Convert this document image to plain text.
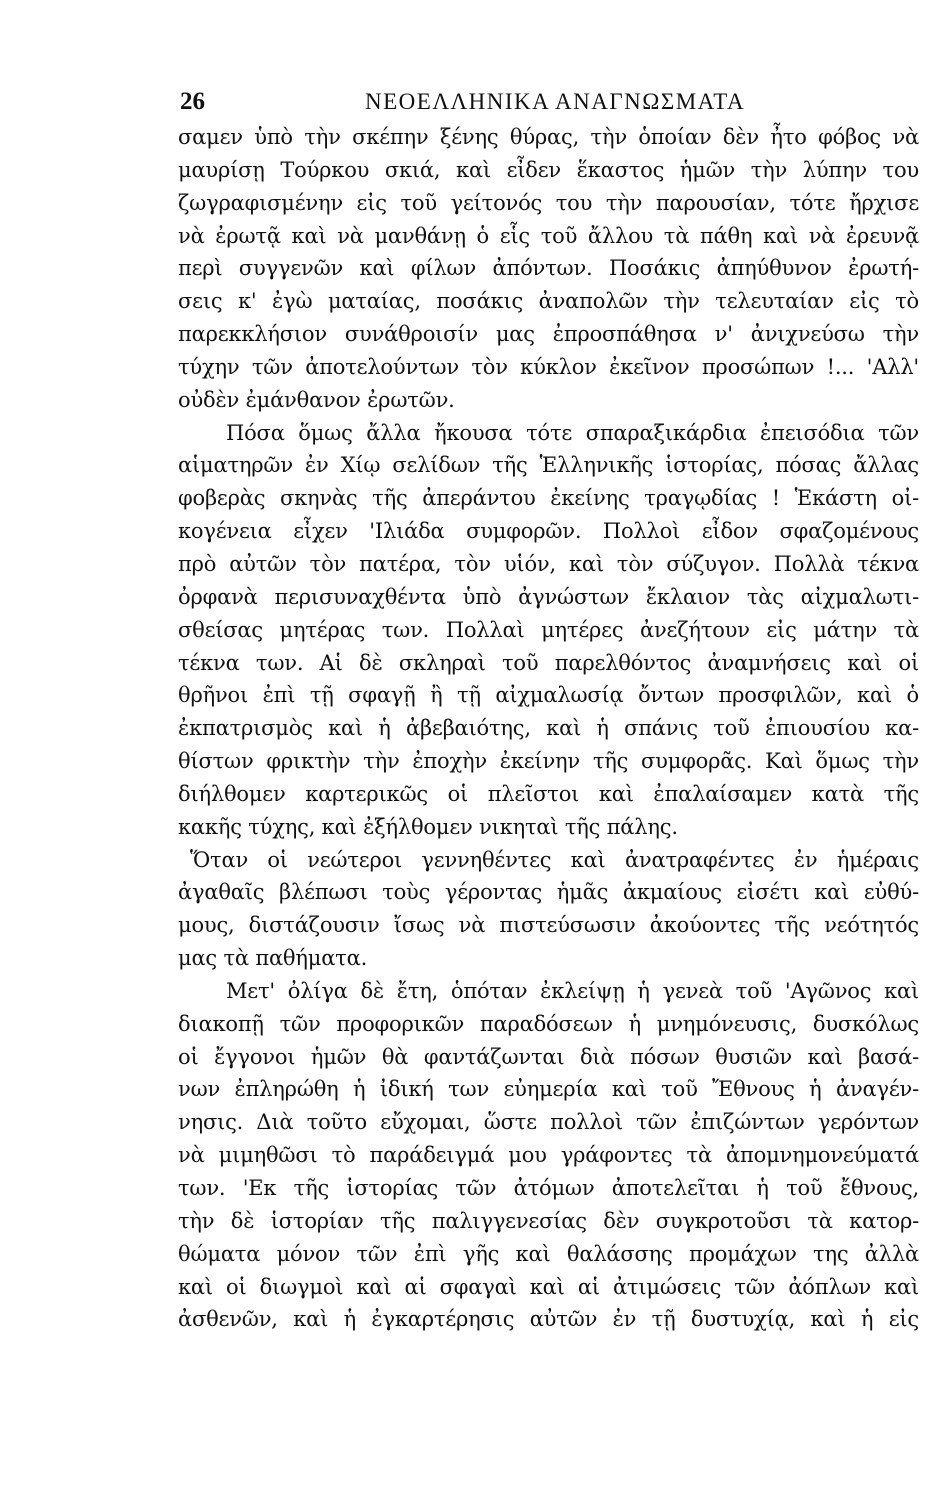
26	ΝΕΟΕΛΛΗΝΙΚΑ ΑΝΑΓΝΩΣΜΑΤΑ
σαμεν ὑπὸ τὴν σκέπην ξένης θύρας, τὴν ὁποίαν δὲν ἦτο φόβος νὰ
μαυρίσῃ Τούρκου σκιά, καὶ εἶδεν ἕκαστος ἡμῶν τὴν λύπην του
ζωγραφισμένην εἰς τοῦ γείτονός του τὴν παρουσίαν, τότε ἤρχισε
νὰ ἐρωτᾷ καὶ νὰ μανθάνῃ ὁ εἷς τοῦ ἄλλου τὰ πάθη καὶ νὰ ἐρευνᾷ
περὶ συγγενῶν καὶ φίλων ἀπόντων. Ποσάκις ἀπηύθυνον ἐρωτή-
σεις κ' ἐγὼ ματαίας, ποσάκις ἀναπολῶν τὴν τελευταίαν εἰς τὸ
παρεκκλήσιον συνάθροισίν μας ἐπροσπάθησα ν' ἀνιχνεύσω τὴν
τύχην τῶν ἀποτελούντων τὸν κύκλον ἐκεῖνον προσώπων !... 'Αλλ'
οὐδὲν ἐμάνθανον ἐρωτῶν.
Πόσα ὅμως ἄλλα ἤκουσα τότε σπαραξικάρδια ἐπεισόδια τῶν
αἱματηρῶν ἐν Χίῳ σελίδων τῆς Ἑλληνικῆς ἱστορίας, πόσας ἄλλας
φοβερὰς σκηνὰς τῆς ἀπεράντου ἐκείνης τραγῳδίας ! Ἑκάστη οἰ-
κογένεια εἶχεν 'Ιλιάδα συμφορῶν. Πολλοὶ εἶδον σφαζομένους
πρὸ αὐτῶν τὸν πατέρα, τὸν υἱόν, καὶ τὸν σύζυγον. Πολλὰ τέκνα
ὀρφανὰ περισυναχθέντα ὑπὸ ἀγνώστων ἔκλαιον τὰς αἰχμαλωτι-
σθείσας μητέρας των. Πολλαὶ μητέρες ἀνεζήτουν εἰς μάτην τὰ
τέκνα των. Αἱ δὲ σκληραὶ τοῦ παρελθόντος ἀναμνήσεις καὶ οἱ
θρῆνοι ἐπὶ τῇ σφαγῇ ἢ τῇ αἰχμαλωσίᾳ ὄντων προσφιλῶν, καὶ ὁ
ἐκπατρισμὸς καὶ ἡ ἀβεβαιότης, καὶ ἡ σπάνις τοῦ ἐπιουσίου κα-
θίστων φρικτὴν τὴν ἐποχὴν ἐκείνην τῆς συμφορᾶς. Καὶ ὅμως τὴν
διήλθομεν καρτερικῶς οἱ πλεῖστοι καὶ ἐπαλαίσαμεν κατὰ τῆς
κακῆς τύχης, καὶ ἐξήλθομεν νικηταὶ τῆς πάλης.
Ὅταν οἱ νεώτεροι γεννηθέντες καὶ ἀνατραφέντες ἐν ἡμέραις
ἀγαθαῖς βλέπωσι τοὺς γέροντας ἡμᾶς ἀκμαίους εἰσέτι καὶ εὐθύ-
μους, διστάζουσιν ἴσως νὰ πιστεύσωσιν ἀκούοντες τῆς νεότητός
μας τὰ παθήματα.
Μετ' ὀλίγα δὲ ἔτη, ὁπόταν ἐκλείψῃ ἡ γενεὰ τοῦ 'Αγῶνος καὶ
διακοπῇ τῶν προφορικῶν παραδόσεων ἡ μνημόνευσις, δυσκόλως
οἱ ἔγγονοι ἡμῶν θὰ φαντάζωνται διὰ πόσων θυσιῶν καὶ βασά-
νων ἐπληρώθη ἡ ἰδική των εὐημερία καὶ τοῦ Ἔθνους ἡ ἀναγέν-
νησις. Διὰ τοῦτο εὔχομαι, ὥστε πολλοὶ τῶν ἐπιζώντων γερόντων
νὰ μιμηθῶσι τὸ παράδειγμά μου γράφοντες τὰ ἀπομνημονεύματά
των. 'Εκ τῆς ἱστορίας τῶν ἀτόμων ἀποτελεῖται ἡ τοῦ ἔθνους,
τὴν δὲ ἱστορίαν τῆς παλιγγενεσίας δὲν συγκροτοῦσι τὰ κατορ-
θώματα μόνον τῶν ἐπὶ γῆς καὶ θαλάσσης προμάχων της ἀλλὰ
καὶ οἱ διωγμοὶ καὶ αἱ σφαγαὶ καὶ αἱ ἀτιμώσεις τῶν ἀόπλων καὶ
ἀσθενῶν, καὶ ἡ ἐγκαρτέρησις αὐτῶν ἐν τῇ δυστυχίᾳ, καὶ ἡ εἰς
